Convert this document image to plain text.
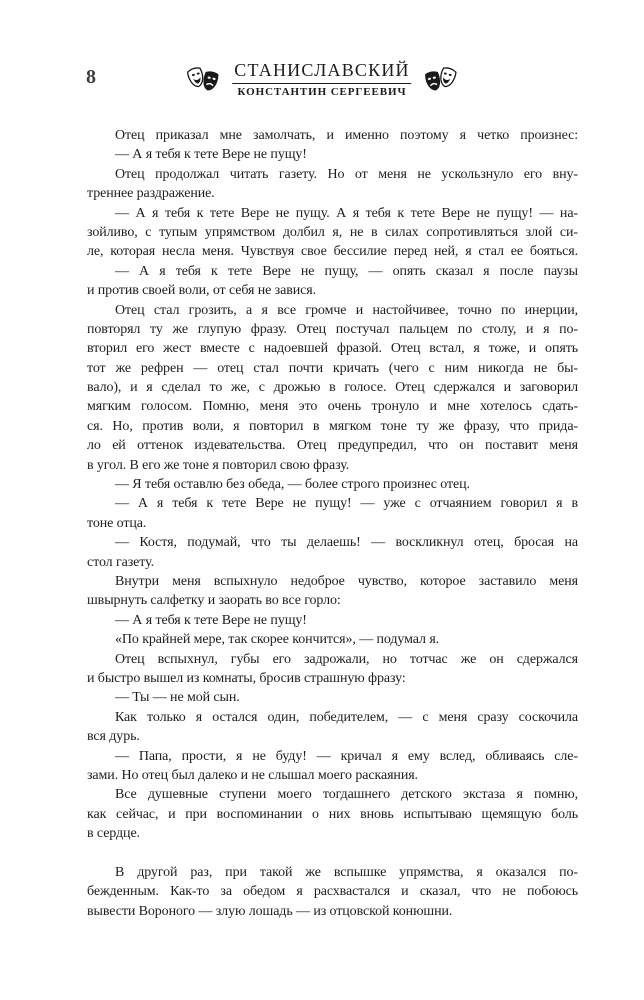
8	СТАНИСЛАВСКИЙ
КОНСТАНТИН СЕРГЕЕВИЧ
Отец приказал мне замолчать, и именно поэтому я четко произнес:
— А я тебя к тете Вере не пущу!
Отец продолжал читать газету. Но от меня не ускользнуло его вну-
треннее раздражение.
— А я тебя к тете Вере не пущу. А я тебя к тете Вере не пущу! — на-
зойливо, с тупым упрямством долбил я, не в силах сопротивляться злой си-
ле, которая несла меня. Чувствуя свое бессилие перед ней, я стал ее бояться.
— А я тебя к тете Вере не пущу, — опять сказал я после паузы
и против своей воли, от себя не завися.
Отец стал грозить, а я все громче и настойчивее, точно по инерции,
повторял ту же глупую фразу. Отец постучал пальцем по столу, и я по-
вторил его жест вместе с надоевшей фразой. Отец встал, я тоже, и опять
тот же рефрен — отец стал почти кричать (чего с ним никогда не бы-
вало), и я сделал то же, с дрожью в голосе. Отец сдержался и заговорил
мягким голосом. Помню, меня это очень тронуло и мне хотелось сдать-
ся. Но, против воли, я повторил в мягком тоне ту же фразу, что прида-
ло ей оттенок издевательства. Отец предупредил, что он поставит меня
в угол. В его же тоне я повторил свою фразу.
— Я тебя оставлю без обеда, — более строго произнес отец.
— А я тебя к тете Вере не пущу! — уже с отчаянием говорил я в
тоне отца.
— Костя, подумай, что ты делаешь! — воскликнул отец, бросая на
стол газету.
Внутри меня вспыхнуло недоброе чувство, которое заставило меня
швырнуть салфетку и заорать во все горло:
— А я тебя к тете Вере не пущу!
«По крайней мере, так скорее кончится», — подумал я.
Отец вспыхнул, губы его задрожали, но тотчас же он сдержался
и быстро вышел из комнаты, бросив страшную фразу:
— Ты — не мой сын.
Как только я остался один, победителем, — с меня сразу соскочила
вся дурь.
— Папа, прости, я не буду! — кричал я ему вслед, обливаясь сле-
зами. Но отец был далеко и не слышал моего раскаяния.
Все душевные ступени моего тогдашнего детского экстаза я помню,
как сейчас, и при воспоминании о них вновь испытываю щемящую боль
в сердце.
В другой раз, при такой же вспышке упрямства, я оказался по-
бежденным. Как-то за обедом я расхвастался и сказал, что не побоюсь
вывести Вороного — злую лошадь — из отцовской конюшни.
